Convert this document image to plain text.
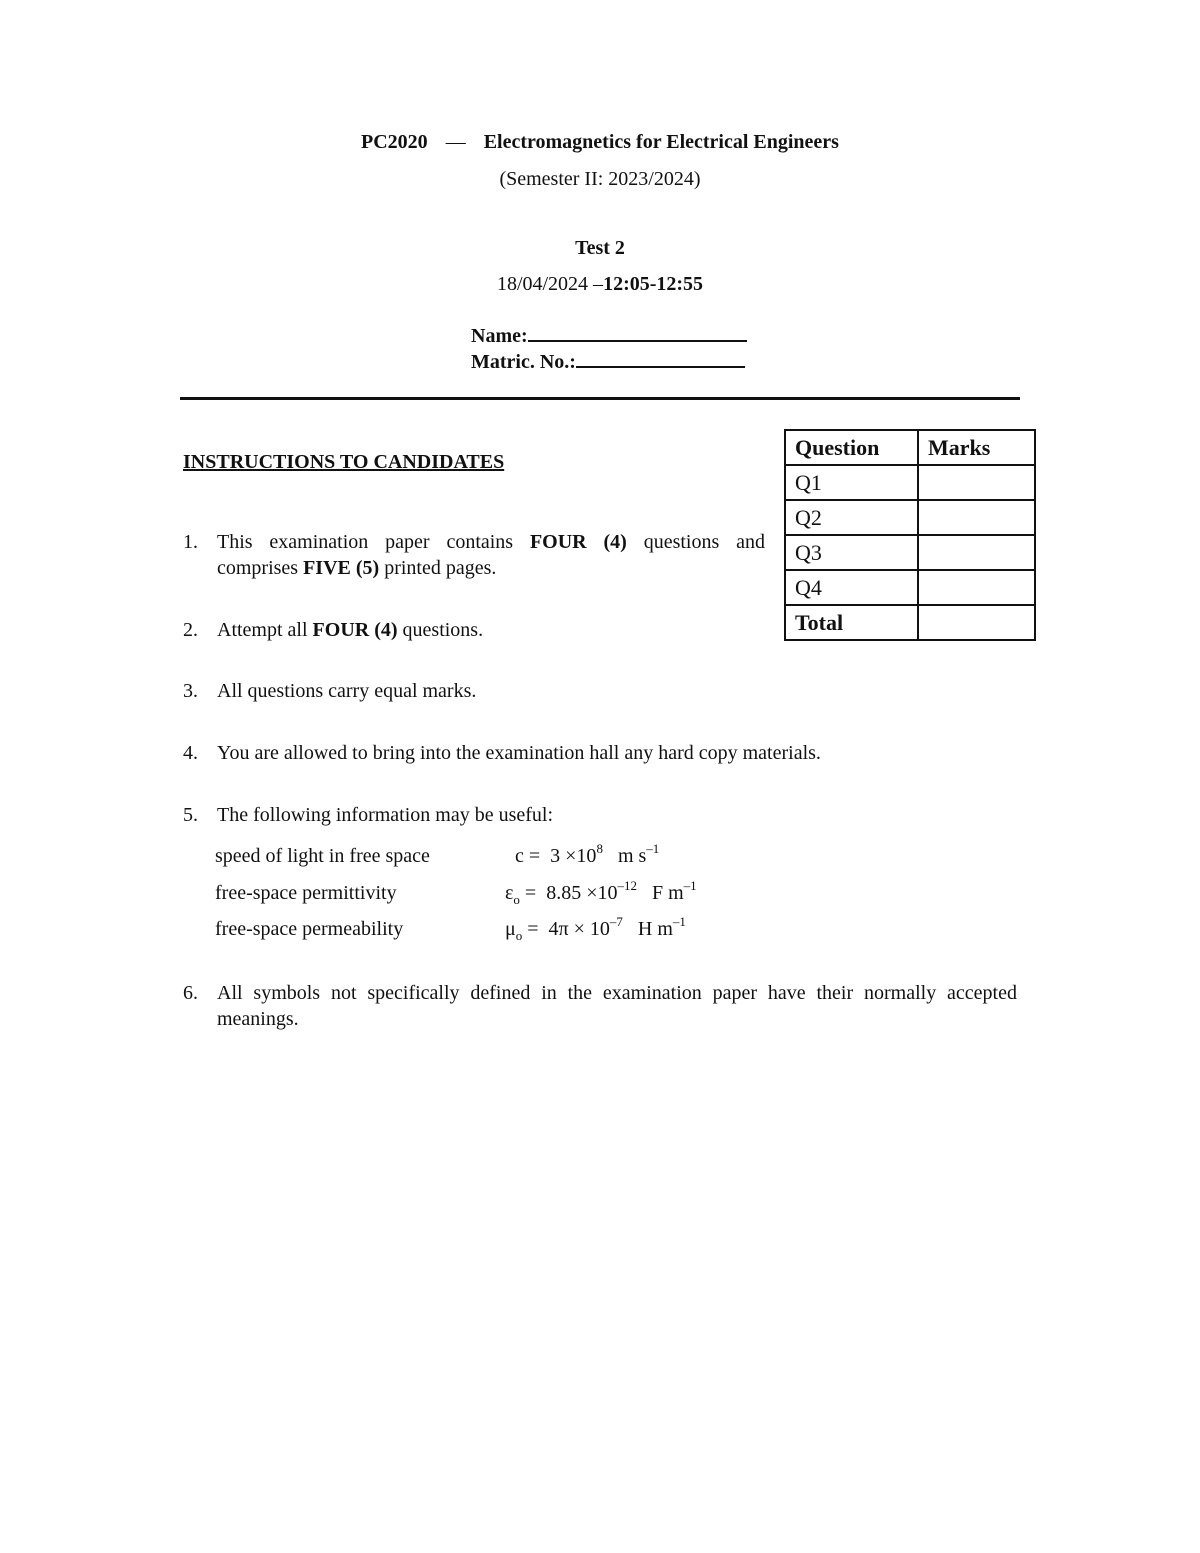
PC2020 — Electromagnetics for Electrical Engineers
(Semester II: 2023/2024)
Test 2
18/04/2024 –12:05-12:55
Name:
Matric. No.:
Question	Marks
Q1	
Q2	
Q3	
Q4	
Total	
INSTRUCTIONS TO CANDIDATES
1. This examination paper contains FOUR (4) questions and comprises FIVE (5) printed pages.
2. Attempt all FOUR (4) questions.
3. All questions carry equal marks.
4. You are allowed to bring into the examination hall any hard copy materials.
5. The following information may be useful:
speed of light in free space	$c = 3 \times 10^8$ m $s^{-1}$
free-space permittivity	$\varepsilon_o = 8.85 \times 10^{-12}$ F $m^{-1}$
free-space permeability	$\mu_o = 4\pi \times 10^{-7}$ H $m^{-1}$
6. All symbols not specifically defined in the examination paper have their normally accepted meanings.
